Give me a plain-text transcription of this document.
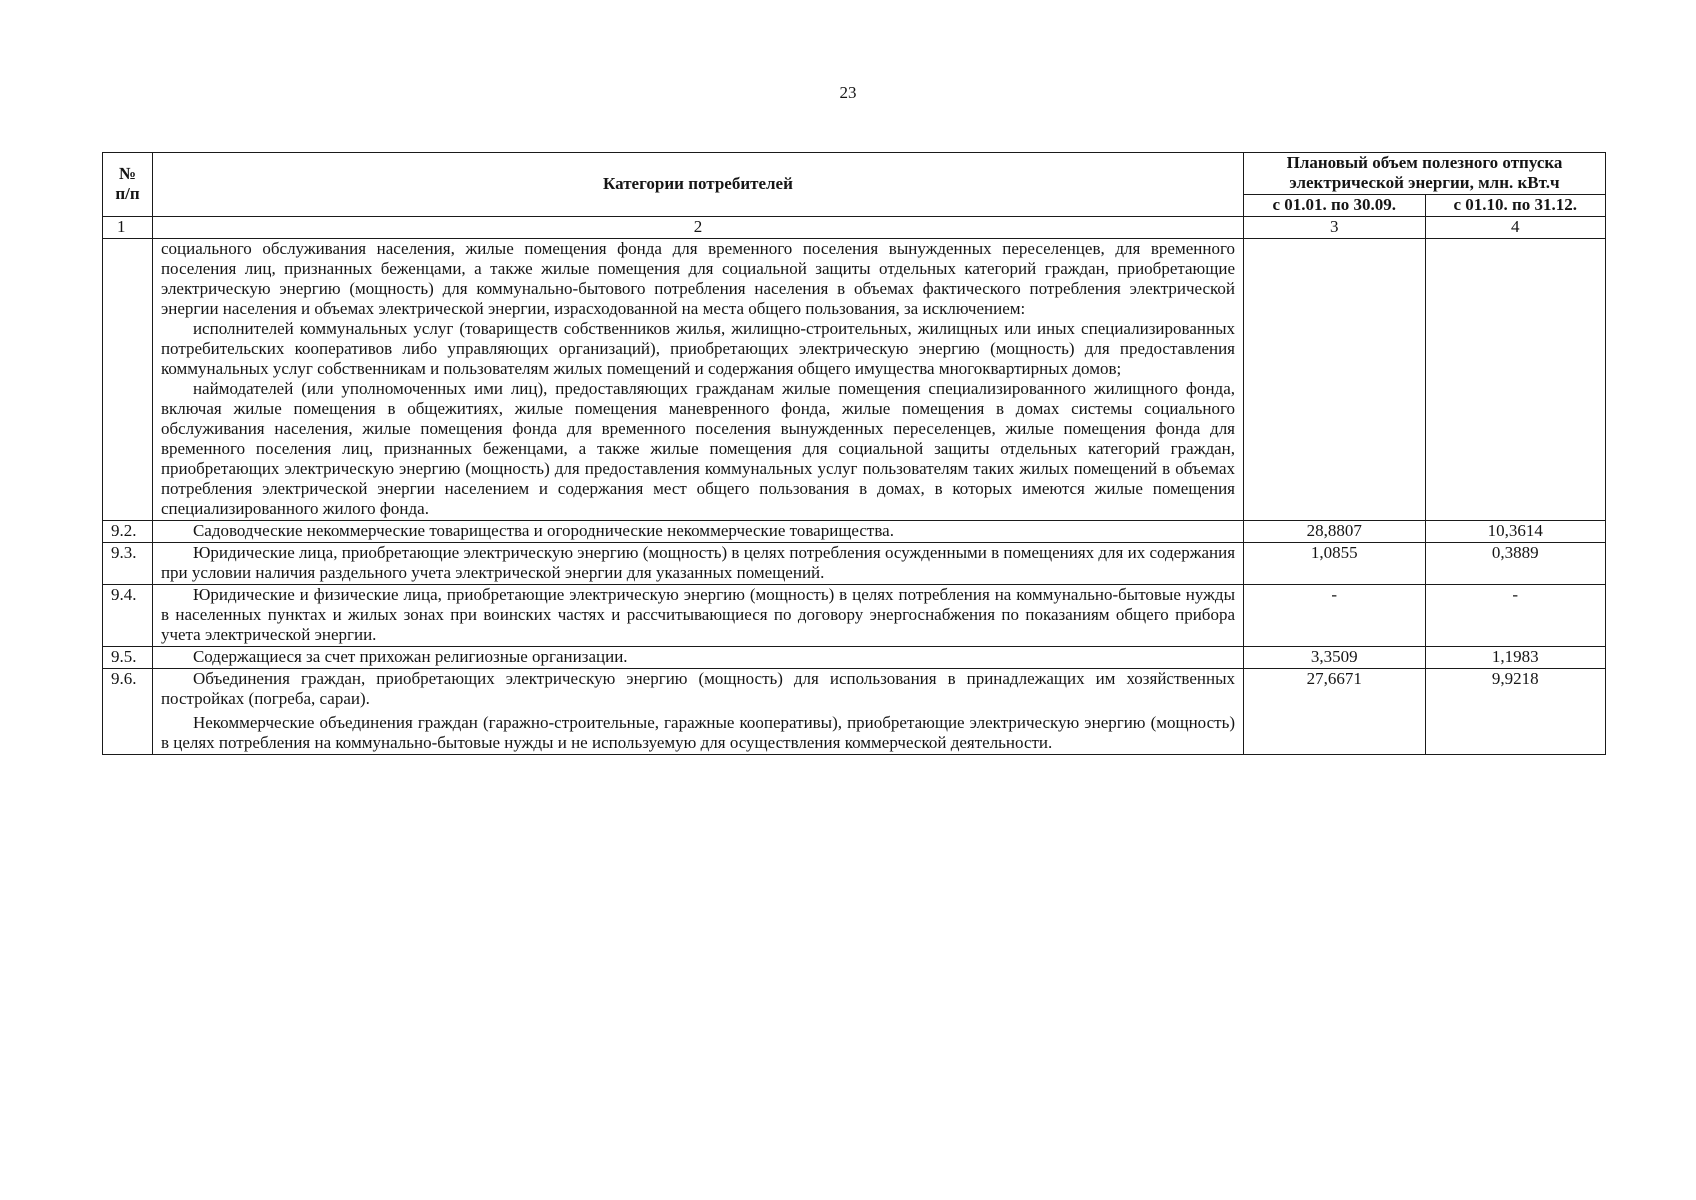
23
№
п/п	Категории потребителей	Плановый объем полезного отпуска электрической энергии, млн. кВт.ч	
		с 01.01. по 30.09.	с 01.10. по 31.12.
1	2	3	4

	социального обслуживания населения, жилые помещения фонда для временного поселения вынужденных переселенцев, для временного поселения лиц, признанных беженцами, а также жилые помещения для социальной защиты отдельных категорий граждан, приобретающие электрическую энергию (мощность) для коммунально-бытового потребления населения в объемах фактического потребления электрической энергии населения и объемах электрической энергии, израсходованной на места общего пользования, за исключением:

исполнителей коммунальных услуг (товариществ собственников жилья, жилищно-строительных, жилищных или иных специализированных потребительских кооперативов либо управляющих организаций), приобретающих электрическую энергию (мощность) для предоставления коммунальных услуг собственникам и пользователям жилых помещений и содержания общего имущества многоквартирных домов;

наймодателей (или уполномоченных ими лиц), предоставляющих гражданам жилые помещения специализированного жилищного фонда, включая жилые помещения в общежитиях, жилые помещения маневренного фонда, жилые помещения в домах системы социального обслуживания населения, жилые помещения фонда для временного поселения вынужденных переселенцев, жилые помещения фонда для временного поселения лиц, признанных беженцами, а также жилые помещения для социальной защиты отдельных категорий граждан, приобретающих электрическую энергию (мощность) для предоставления коммунальных услуг пользователям таких жилых помещений в объемах потребления электрической энергии населением и содержания мест общего пользования в домах, в которых имеются жилые помещения специализированного жилого фонда.		

9.2.	Садоводческие некоммерческие товарищества и огороднические некоммерческие товарищества.	28,8807	10,3614
9.3.	Юридические лица, приобретающие электрическую энергию (мощность) в целях потребления осужденными в помещениях для их содержания при условии наличия раздельного учета электрической энергии для указанных помещений.	1,0855	0,3889
9.4.	Юридические и физические лица, приобретающие электрическую энергию (мощность) в целях потребления на коммунально-бытовые нужды в населенных пунктах и жилых зонах при воинских частях и рассчитывающиеся по договору энергоснабжения по показаниям общего прибора учета электрической энергии.	-	-
9.5.	Содержащиеся за счет прихожан религиозные организации.	3,3509	1,1983
9.6.	Объединения граждан, приобретающих электрическую энергию (мощность) для использования в принадлежащих им хозяйственных постройках (погреба, сараи).

Некоммерческие объединения граждан (гаражно-строительные, гаражные кооперативы), приобретающие электрическую энергию (мощность) в целях потребления на коммунально-бытовые нужды и не используемую для осуществления коммерческой деятельности.	27,6671	9,9218
